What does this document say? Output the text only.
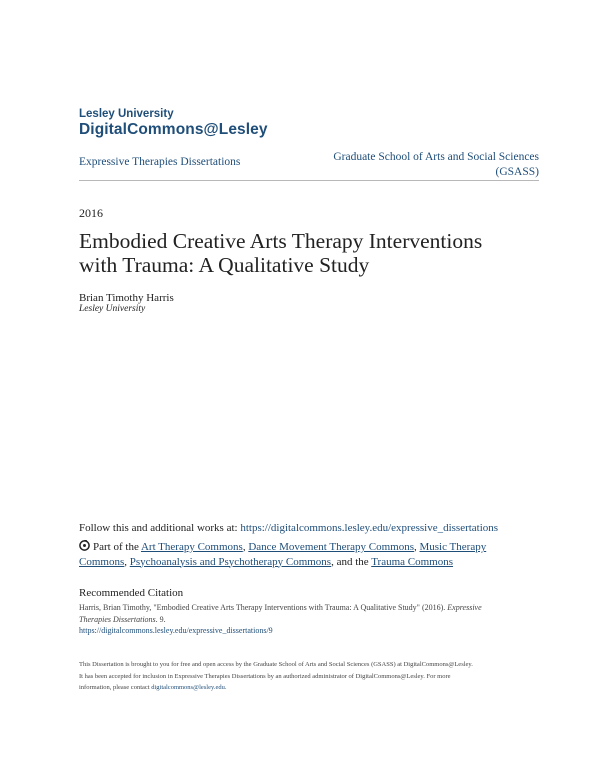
Lesley University
DigitalCommons@Lesley
Expressive Therapies Dissertations	Graduate School of Arts and Social Sciences
(GSASS)
2016
Embodied Creative Arts Therapy Interventions
with Trauma: A Qualitative Study
Brian Timothy Harris
Lesley University
Follow this and additional works at: https://digitalcommons.lesley.edu/expressive_dissertations
Part of the Art Therapy Commons, Dance Movement Therapy Commons, Music Therapy
Commons, Psychoanalysis and Psychotherapy Commons, and the Trauma Commons
Recommended Citation
Harris, Brian Timothy, "Embodied Creative Arts Therapy Interventions with Trauma: A Qualitative Study" (2016). Expressive
Therapies Dissertations. 9.
https://digitalcommons.lesley.edu/expressive_dissertations/9
This Dissertation is brought to you for free and open access by the Graduate School of Arts and Social Sciences (GSASS) at DigitalCommons@Lesley.
It has been accepted for inclusion in Expressive Therapies Dissertations by an authorized administrator of DigitalCommons@Lesley. For more
information, please contact digitalcommons@lesley.edu.
